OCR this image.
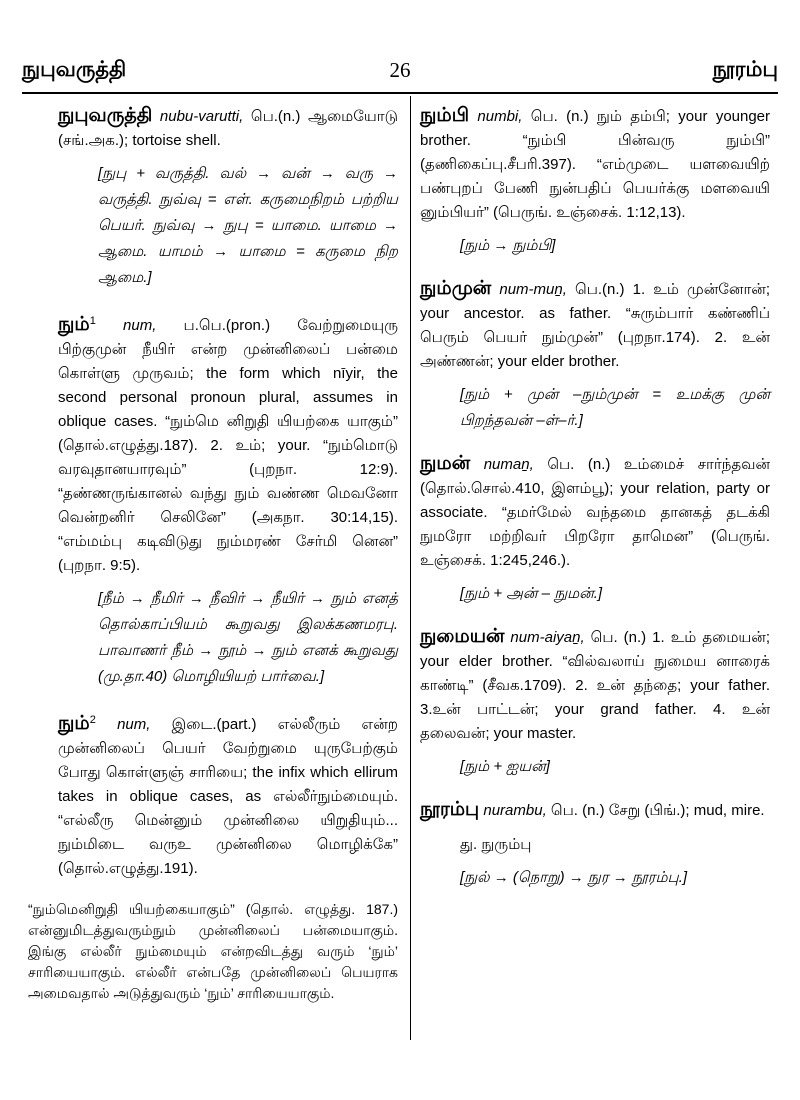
நுபுவருத்தி	26	நூரம்பு
நுபுவருத்தி nubu-varutti, பெ.(n.) ஆமையோடு (சங்.அக.); tortoise shell.
[நுபு + வருத்தி. வல் → வன் → வரு → வருத்தி. நுவ்வு = எள். கருமைநிறம் பற்றிய பெயர். நுவ்வு → நுபு = யாமை. யாமை → ஆமை. யாமம் → யாமை = கருமை நிற ஆமை.]
நும்$^1$ num, ப.பெ.(pron.) வேற்றுமையுரு பிற்குமுன் நீயிர் என்ற முன்னிலைப் பன்மை கொள்ளு முருவம்; the form which nīyir, the second personal pronoun plural, assumes in oblique cases. “நும்மெ னிறுதி யியற்கை யாகும்” (தொல்.எழுத்து.187). 2. உம்; your. “நும்மொடு வரவுதானயாரவும்” (புறநா. 12:9). “தண்ணருங்கானல் வந்து நும் வண்ண மெவனோ வென்றனிர் செலினே” (அகநா. 30:14,15). “எம்மம்பு கடிவிடுது நும்மரண் சேர்மி னென” (புறநா. 9:5).
[நீம் → நீமிர் → நீவிர் → நீயிர் → நும் எனத் தொல்காப்பியம் கூறுவது இலக்கணமரபு. பாவாணர் நீம் → நூம் → நும் எனக் கூறுவது (மு.தா.40) மொழியியற் பார்வை.]
நும்$^2$ num, இடை.(part.) எல்லீரும் என்ற முன்னிலைப் பெயர் வேற்றுமை யுருபேற்கும் போது கொள்ளுஞ் சாரியை; the infix which ellirum takes in oblique cases, as எல்லீர்நும்மையும். “எல்லீரு மென்னும் முன்னிலை யிறுதியும்... நும்மிடை வருஉ முன்னிலை மொழிக்கே” (தொல்.எழுத்து.191).
“நும்மெனிறுதி யியற்கையாகும்” (தொல். எழுத்து. 187.) என்னுமிடத்துவரும்நும் முன்னிலைப் பன்மையாகும். இங்கு எல்லீர் நும்மையும் என்றவிடத்து வரும் ‘நும்’ சாரியையாகும். எல்லீர் என்பதே முன்னிலைப் பெயராக அமைவதால் அடுத்துவரும் ‘நும்’ சாரியையாகும்.
நும்பி numbi, பெ. (n.) நும் தம்பி; your younger brother. “நும்பி பின்வரு நும்பி” (தணிகைப்பு.சீபரி.397). “எம்முடை யளவையிற் பண்புறப் பேணி நுன்பதிப் பெயர்க்கு மளவையி னும்பியர்” (பெருங். உஞ்சைக். 1:12,13).
[நும் → நும்பி]
நும்முன் num-muṉ, பெ.(n.) 1. உம் முன்னோன்; your ancestor. as father. “சுரும்பார் கண்ணிப் பெரும் பெயர் நும்முன்” (புறநா.174). 2. உன் அண்ணன்; your elder brother.
[நும் + முன் –நும்முன் = உமக்கு முன் பிறந்தவன் –ள்–ர்.]
நுமன் numaṉ, பெ. (n.) உம்மைச் சார்ந்தவன் (தொல்.சொல்.410, இளம்பூ); your relation, party or associate. “தமர்மேல் வந்தமை தானகத் தடக்கி நுமரோ மற்றிவர் பிறரோ தாமென” (பெருங். உஞ்சைக். 1:245,246.).
[நும் + அன் – நுமன்.]
நுமையன் num-aiyaṉ, பெ. (n.) 1. உம் தமையன்; your elder brother. “வில்வலாய் நுமைய னாரைக் காண்டி” (சீவக.1709). 2. உன் தந்தை; your father. 3.உன் பாட்டன்; your grand father. 4. உன் தலைவன்; your master.
[நும் + ஐயன்]
நூரம்பு nurambu, பெ. (n.) சேறு (பிங்.); mud, mire.
து. நுரும்பு
[நுல் → (நொறு) → நுர → நூரம்பு.]
